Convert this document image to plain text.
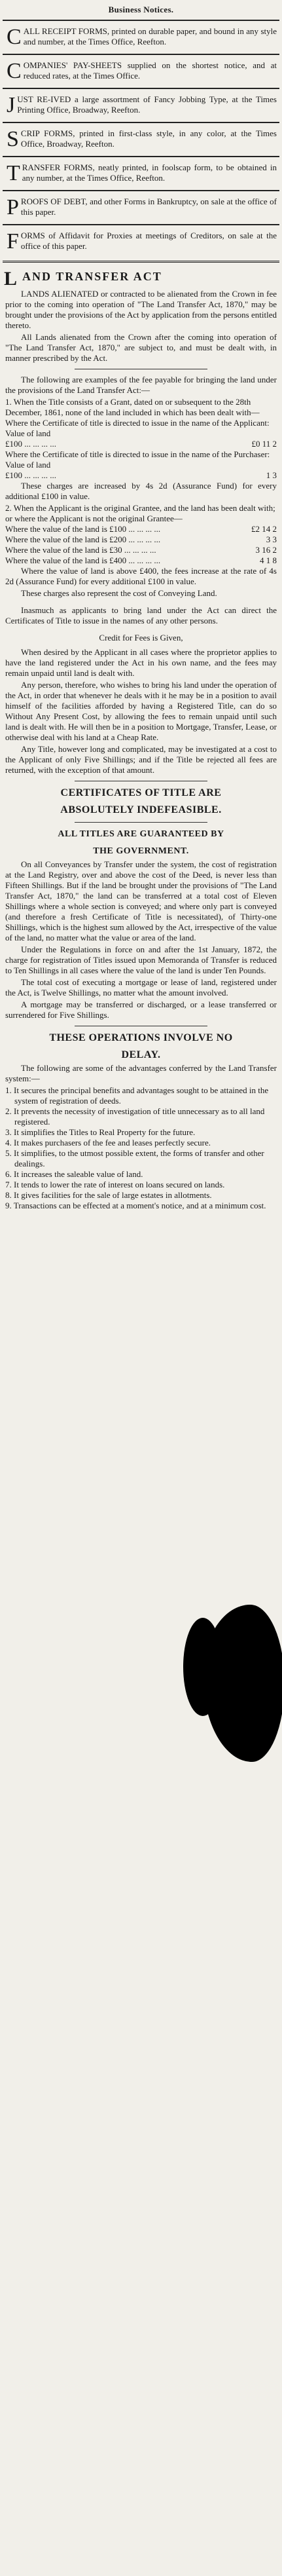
Business Notices.
C ALL RECEIPT FORMS, printed on durable paper, and bound in any style and number, at the Times Office, Reefton.

C OMPANIES' PAY-SHEETS supplied on the shortest notice, and at reduced rates, at the Times Office.

J UST RE-IVED a large assortment of Fancy Jobbing Type, at the Times Printing Office, Broadway, Reefton.

S CRIP FORMS, printed in first-class style, in any color, at the Times Office, Broadway, Reefton.

T RANSFER FORMS, neatly printed, in foolscap form, to be obtained in any number, at the Times Office, Reefton.

P ROOFS OF DEBT, and other Forms in Bankruptcy, on sale at the office of this paper.

F ORMS of Affidavit for Proxies at meetings of Creditors, on sale at the office of this paper.

L AND TRANSFER ACT

LANDS ALIENATED or contracted to be alienated from the Crown in fee prior to the coming into operation of "The Land Transfer Act, 1870," may be brought under the provisions of the Act by application from the persons entitled thereto.

All Lands alienated from the Crown after the coming into operation of "The Land Transfer Act, 1870," are subject to, and must be dealt with, in manner prescribed by the Act.

The following are examples of the fee payable for bringing the land under the provisions of the Land Transfer Act:—

1. When the Title consists of a Grant, dated on or subsequent to the 28th December, 1861, none of the land included in which has been dealt with—

Where the Certificate of title is directed to issue in the name of the Applicant: Value of land

£100 ... ... ... ...	£0 11 2

Where the Certificate of title is directed to issue in the name of the Purchaser: Value of land

£100 ... ... ... ...	1 3

These charges are increased by 4s 2d (Assurance Fund) for every additional £100 in value.

2. When the Applicant is the original Grantee, and the land has been dealt with; or where the Applicant is not the original Grantee—

Where the value of the land is £100 ... ... ... ...	£2 14 2
Where the value of the land is £200 ... ... ... ...	3 3
Where the value of the land is £30 ... ... ... ...	3 16 2
Where the value of the land is £400 ... ... ... ...	4 1 8

Where the value of land is above £400, the fees increase at the rate of 4s 2d (Assurance Fund) for every additional £100 in value.

These charges also represent the cost of Conveying Land.

Inasmuch as applicants to bring land under the Act can direct the Certificates of Title to issue in the names of any other persons.

Credit for Fees is Given,

When desired by the Applicant in all cases where the proprietor applies to have the land registered under the Act in his own name, and the fees may remain unpaid until land is dealt with.

Any person, therefore, who wishes to bring his land under the operation of the Act, in order that whenever he deals with it he may be in a position to avail himself of the facilities afforded by having a Registered Title, can do so Without Any Present Cost, by allowing the fees to remain unpaid until such land is dealt with. He will then be in a position to Mortgage, Transfer, Lease, or otherwise deal with his land at a Cheap Rate.

Any Title, however long and complicated, may be investigated at a cost to the Applicant of only Five Shillings; and if the Title be rejected all fees are returned, with the exception of that amount.

CERTIFICATES OF TITLE ARE
ABSOLUTELY INDEFEASIBLE.
ALL TITLES ARE GUARANTEED BY
THE GOVERNMENT.

On all Conveyances by Transfer under the system, the cost of registration at the Land Registry, over and above the cost of the Deed, is never less than Fifteen Shillings. But if the land be brought under the provisions of "The Land Transfer Act, 1870," the land can be transferred at a total cost of Eleven Shillings where a whole section is conveyed; and where only part is conveyed (and therefore a fresh Certificate of Title is necessitated), of Thirty-one Shillings, which is the highest sum allowed by the Act, irrespective of the value of the land, no matter what the value or area of the land.

Under the Regulations in force on and after the 1st January, 1872, the charge for registration of Titles issued upon Memoranda of Transfer is reduced to Ten Shillings in all cases where the value of the land is under Ten Pounds.

The total cost of executing a mortgage or lease of land, registered under the Act, is Twelve Shillings, no matter what the amount involved.

A mortgage may be transferred or discharged, or a lease transferred or surrendered for Five Shillings.

THESE OPERATIONS INVOLVE NO
DELAY.

The following are some of the advantages conferred by the Land Transfer system:—

1. It secures the principal benefits and advantages sought to be attained in the system of registration of deeds.

2. It prevents the necessity of investigation of title unnecessary as to all land registered.

3. It simplifies the Titles to Real Property for the future.

4. It makes purchasers of the fee and leases perfectly secure.

5. It simplifies, to the utmost possible extent, the forms of transfer and other dealings.

6. It increases the saleable value of land.

7. It tends to lower the rate of interest on loans secured on lands.

8. It gives facilities for the sale of large estates in allotments.

9. Transactions can be effected at a moment's notice, and at a minimum cost.
